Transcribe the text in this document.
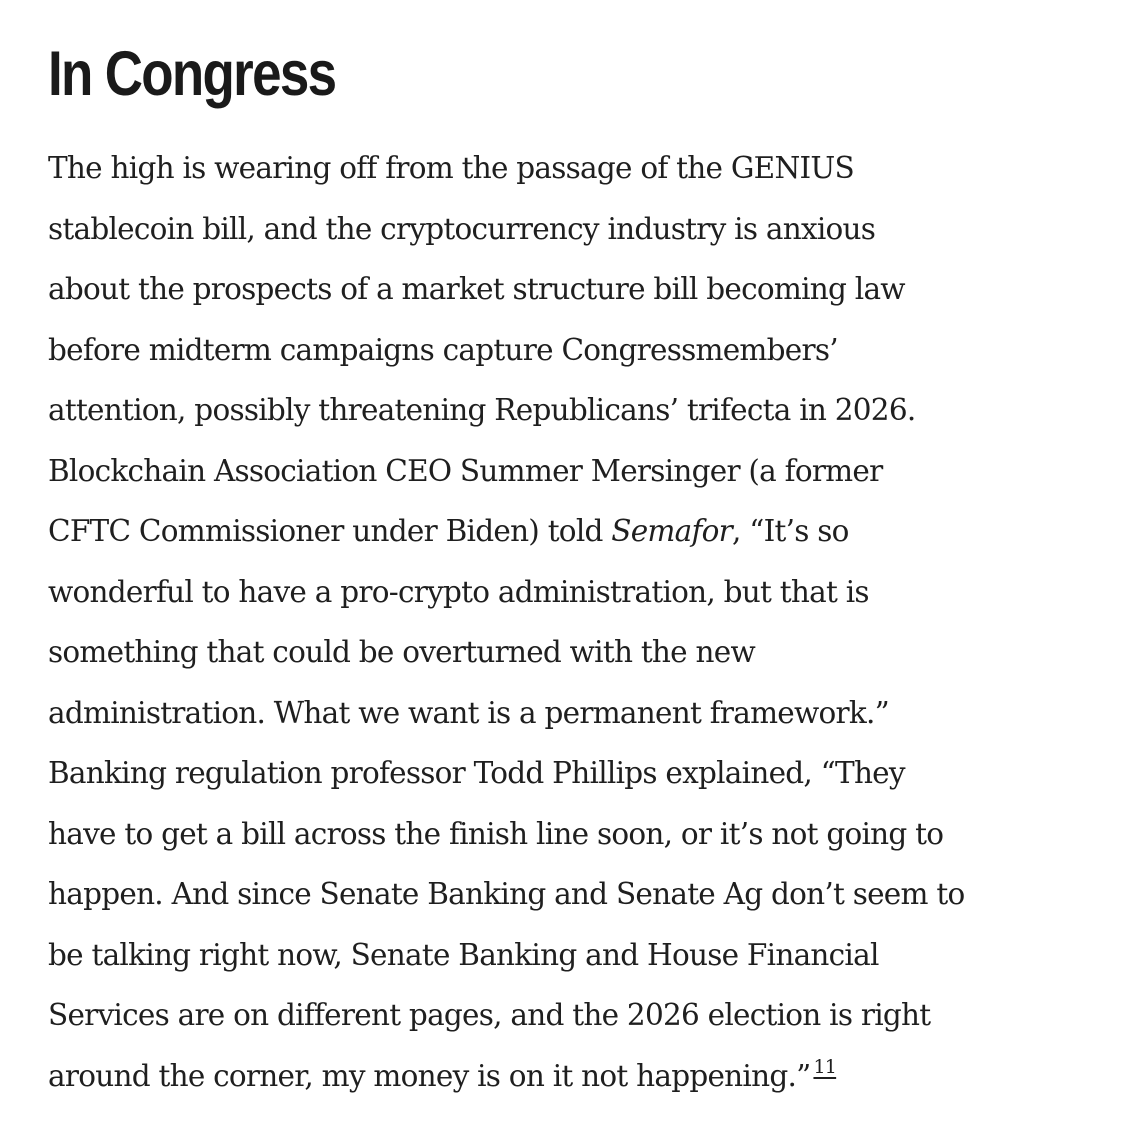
In Congress

The high is wearing off from the passage of the GENIUS
stablecoin bill, and the cryptocurrency industry is anxious
about the prospects of a market structure bill becoming law
before midterm campaigns capture Congressmembers’
attention, possibly threatening Republicans’ trifecta in 2026.
Blockchain Association CEO Summer Mersinger (a former
CFTC Commissioner under Biden) told Semafor, “It’s so
wonderful to have a pro-crypto administration, but that is
something that could be overturned with the new
administration. What we want is a permanent framework.”
Banking regulation professor Todd Phillips explained, “They
have to get a bill across the finish line soon, or it’s not going to
happen. And since Senate Banking and Senate Ag don’t seem to
be talking right now, Senate Banking and House Financial
Services are on different pages, and the 2026 election is right
around the corner, my money is on it not happening.” $^{11}$
